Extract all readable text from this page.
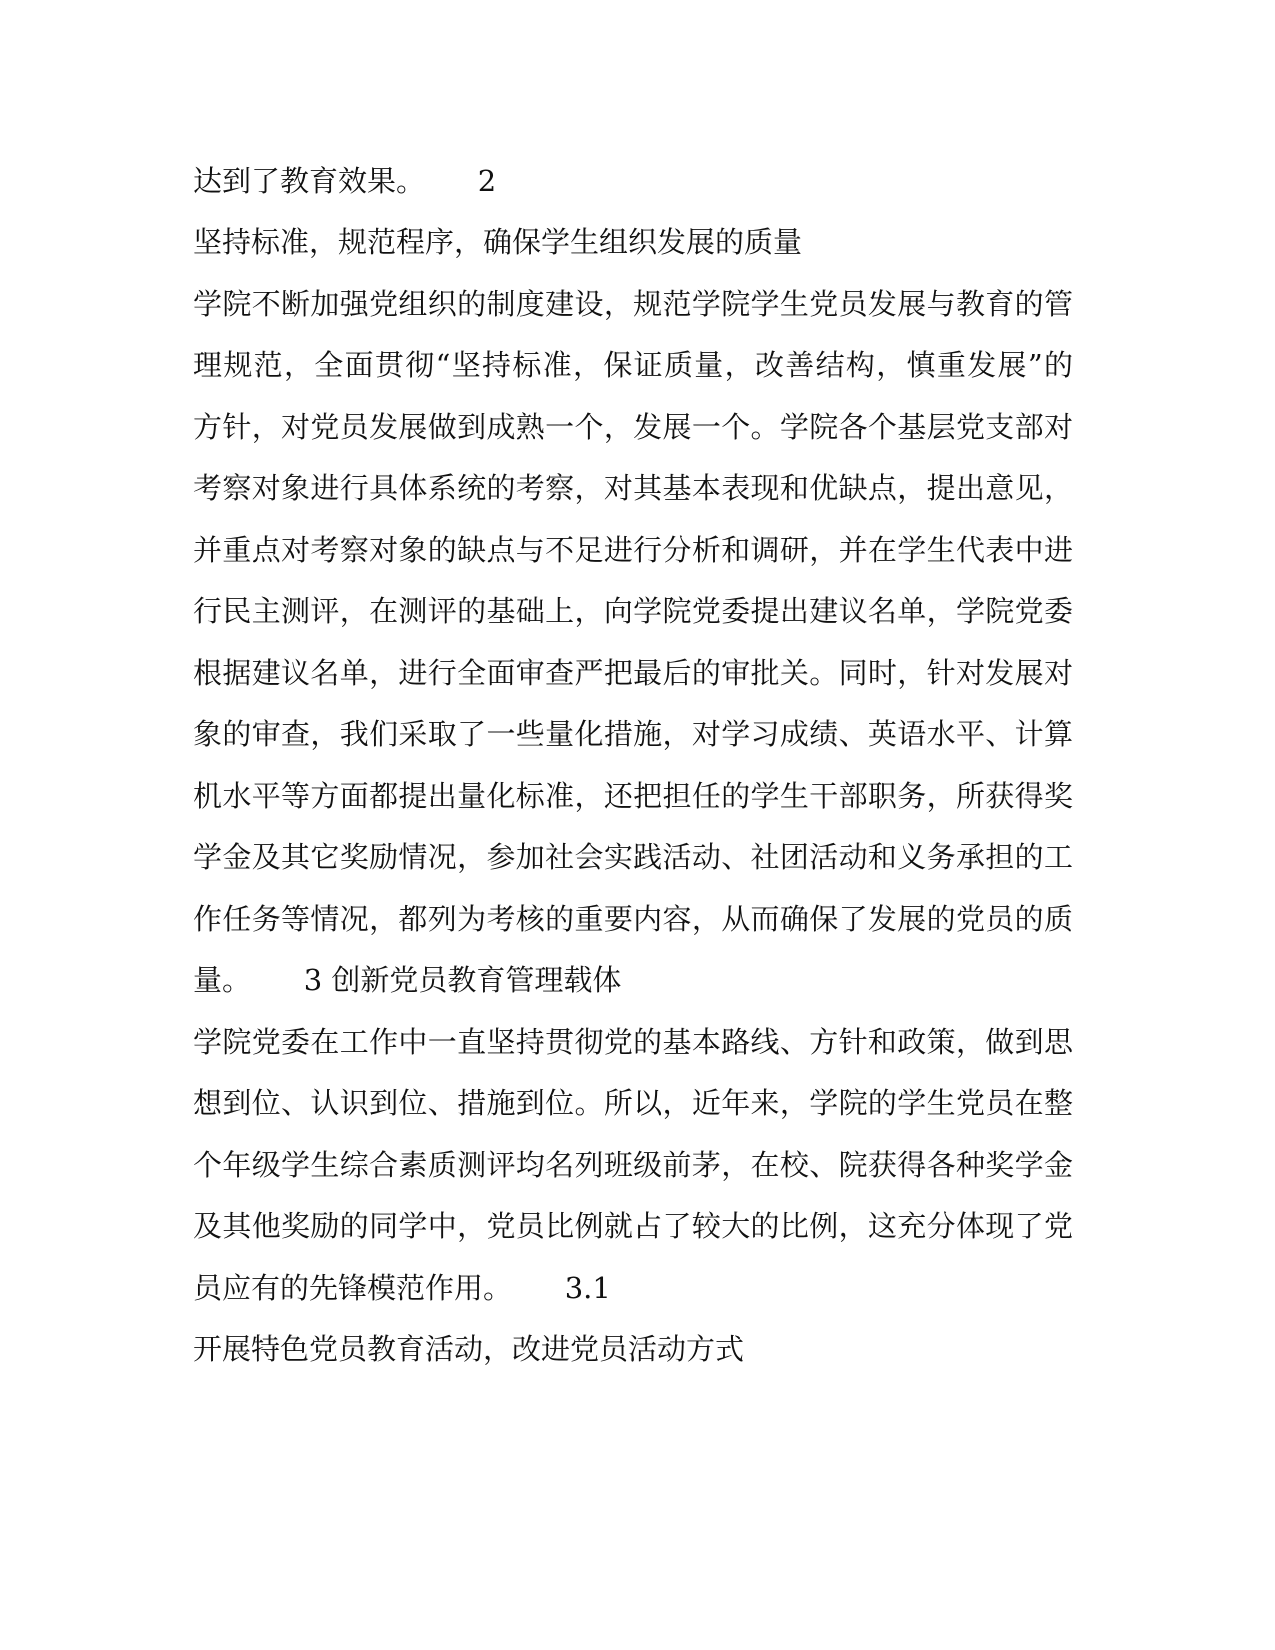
达到了教育效果。　　 2
坚持标准，规范程序，确保学生组织发展的质量
学院不断加强党组织的制度建设，规范学院学生党员发展与教育的管
理规范，全面贯彻“坚持标准，保证质量，改善结构，慎重发展”的
方针，对党员发展做到成熟一个，发展一个。学院各个基层党支部对
考察对象进行具体系统的考察，对其基本表现和优缺点，提出意见，
并重点对考察对象的缺点与不足进行分析和调研，并在学生代表中进
行民主测评，在测评的基础上，向学院党委提出建议名单，学院党委
根据建议名单，进行全面审查严把最后的审批关。同时，针对发展对
象的审查，我们采取了一些量化措施，对学习成绩、英语水平、计算
机水平等方面都提出量化标准，还把担任的学生干部职务，所获得奖
学金及其它奖励情况，参加社会实践活动、社团活动和义务承担的工
作任务等情况，都列为考核的重要内容，从而确保了发展的党员的质
量。　　 3 创新党员教育管理载体
学院党委在工作中一直坚持贯彻党的基本路线、方针和政策，做到思
想到位、认识到位、措施到位。所以，近年来，学院的学生党员在整
个年级学生综合素质测评均名列班级前茅，在校、院获得各种奖学金
及其他奖励的同学中，党员比例就占了较大的比例，这充分体现了党
员应有的先锋模范作用。　　 3.1
开展特色党员教育活动，改进党员活动方式
